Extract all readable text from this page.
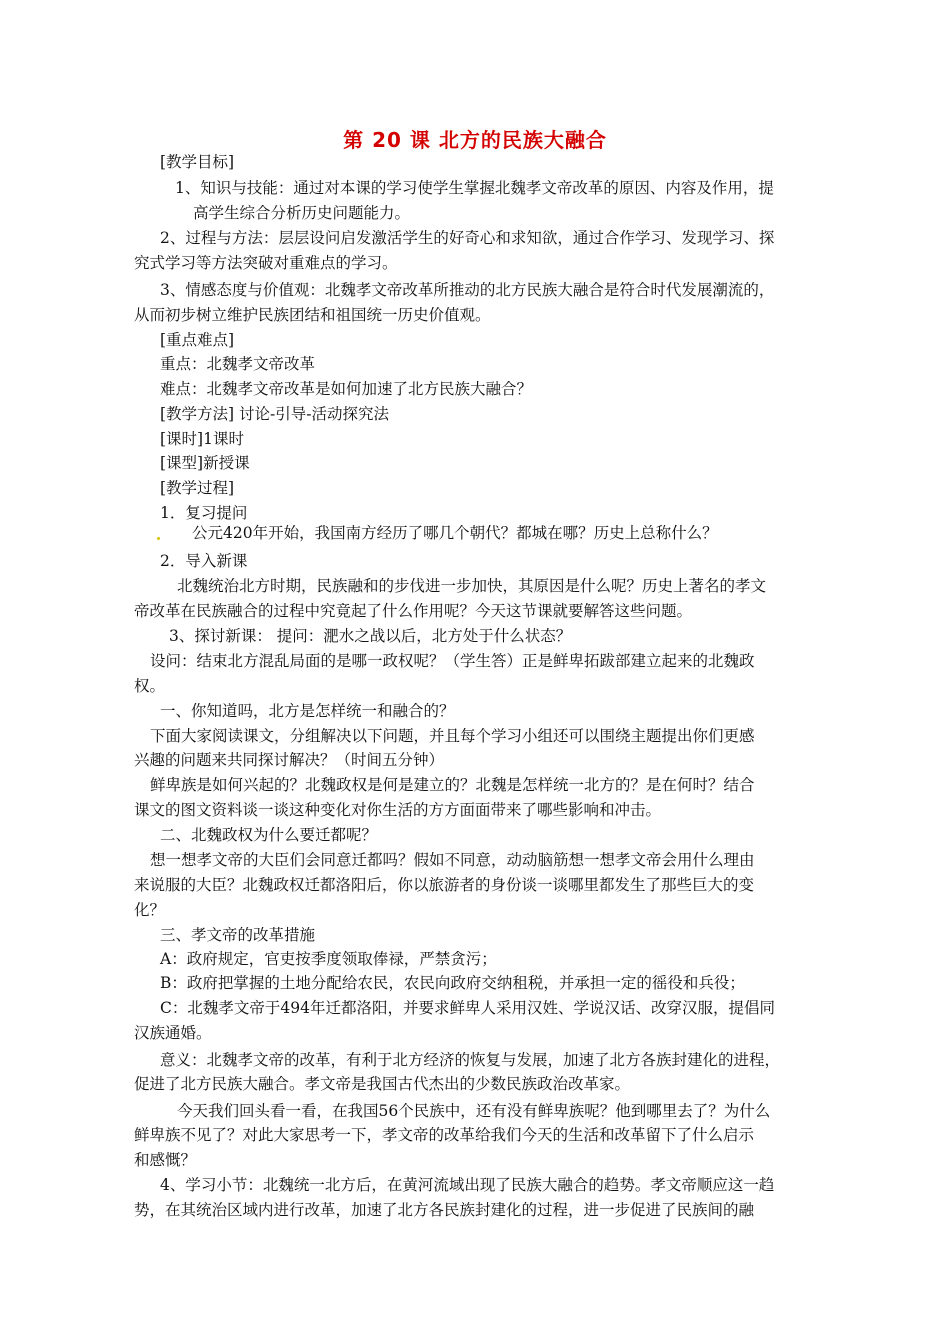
第 20 课 北方的民族大融合
[教学目标]
1、知识与技能：通过对本课的学习使学生掌握北魏孝文帝改革的原因、内容及作用，提
高学生综合分析历史问题能力。
2、过程与方法：层层设问启发激活学生的好奇心和求知欲，通过合作学习、发现学习、探
究式学习等方法突破对重难点的学习。
3、情感态度与价值观：北魏孝文帝改革所推动的北方民族大融合是符合时代发展潮流的，
从而初步树立维护民族团结和祖国统一历史价值观。
[重点难点]
重点：北魏孝文帝改革
难点：北魏孝文帝改革是如何加速了北方民族大融合？
[教学方法] 讨论-引导-活动探究法
[课时]1课时
[课型]新授课
[教学过程]
1．复习提问
公元420年开始，我国南方经历了哪几个朝代？都城在哪？历史上总称什么？
2．导入新课
北魏统治北方时期，民族融和的步伐进一步加快，其原因是什么呢？历史上著名的孝文
帝改革在民族融合的过程中究竟起了什么作用呢？今天这节课就要解答这些问题。
3、探讨新课： 提问：淝水之战以后，北方处于什么状态？
设问：结束北方混乱局面的是哪一政权呢？（学生答）正是鲜卑拓跋部建立起来的北魏政
权。
一、你知道吗，北方是怎样统一和融合的？
下面大家阅读课文，分组解决以下问题，并且每个学习小组还可以围绕主题提出你们更感
兴趣的问题来共同探讨解决？（时间五分钟）
鲜卑族是如何兴起的？北魏政权是何是建立的？北魏是怎样统一北方的？是在何时？结合
课文的图文资料谈一谈这种变化对你生活的方方面面带来了哪些影响和冲击。
二、北魏政权为什么要迁都呢？
想一想孝文帝的大臣们会同意迁都吗？假如不同意，动动脑筋想一想孝文帝会用什么理由
来说服的大臣？北魏政权迁都洛阳后，你以旅游者的身份谈一谈哪里都发生了那些巨大的变
化？
三、孝文帝的改革措施
A：政府规定，官吏按季度领取俸禄，严禁贪污；
B：政府把掌握的土地分配给农民，农民向政府交纳租税，并承担一定的徭役和兵役；
C：北魏孝文帝于494年迁都洛阳，并要求鲜卑人采用汉姓、学说汉话、改穿汉服，提倡同
汉族通婚。
意义：北魏孝文帝的改革，有利于北方经济的恢复与发展，加速了北方各族封建化的进程，
促进了北方民族大融合。孝文帝是我国古代杰出的少数民族政治改革家。
今天我们回头看一看，在我国56个民族中，还有没有鲜卑族呢？他到哪里去了？为什么
鲜卑族不见了？对此大家思考一下，孝文帝的改革给我们今天的生活和改革留下了什么启示
和感慨？
4、学习小节：北魏统一北方后，在黄河流域出现了民族大融合的趋势。孝文帝顺应这一趋
势，在其统治区域内进行改革，加速了北方各民族封建化的过程，进一步促进了民族间的融
